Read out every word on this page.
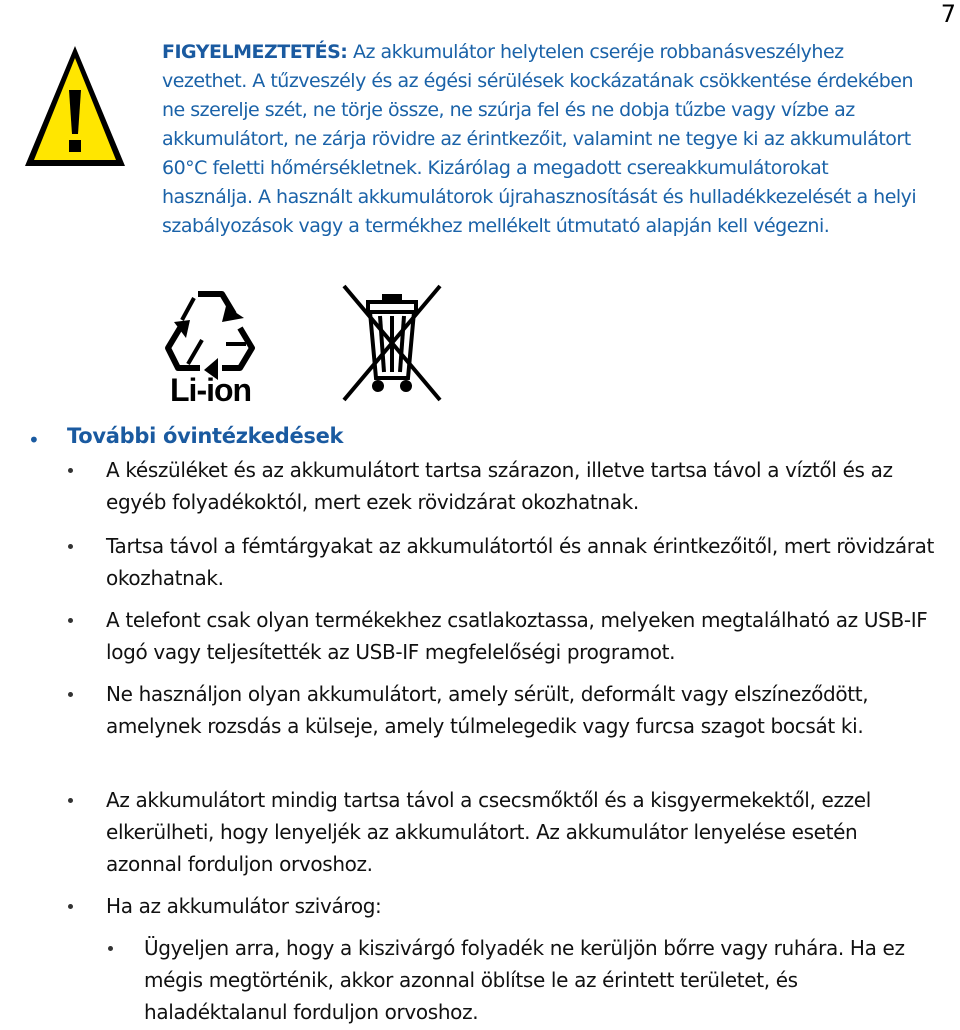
7
FIGYELMEZTETÉS: Az akkumulátor helytelen cseréje robbanásveszélyhez vezethet. A tűzveszély és az égési sérülések kockázatának csökkentése érdekében ne szerelje szét, ne törje össze, ne szúrja fel és ne dobja tűzbe vagy vízbe az akkumulátort, ne zárja rövidre az érintkezőit, valamint ne tegye ki az akkumulátort 60°C feletti hőmérsékletnek. Kizárólag a megadott csereakkumulátorokat használja. A használt akkumulátorok újrahasznosítását és hulladékkezelését a helyi szabályozások vagy a termékhez mellékelt útmutató alapján kell végezni.
Li-ion
• További óvintézkedések
A készüléket és az akkumulátort tartsa szárazon, illetve tartsa távol a víztől és az egyéb folyadékoktól, mert ezek rövidzárat okozhatnak.
Tartsa távol a fémtárgyakat az akkumulátortól és annak érintkezőitől, mert rövidzárat okozhatnak.
A telefont csak olyan termékekhez csatlakoztassa, melyeken megtalálható az USB-IF logó vagy teljesítették az USB-IF megfelelőségi programot.
Ne használjon olyan akkumulátort, amely sérült, deformált vagy elszíneződött, amelynek rozsdás a külseje, amely túlmelegedik vagy furcsa szagot bocsát ki.
Az akkumulátort mindig tartsa távol a csecsmőktől és a kisgyermekektől, ezzel elkerülheti, hogy lenyeljék az akkumulátort. Az akkumulátor lenyelése esetén azonnal forduljon orvoshoz.
Ha az akkumulátor szivárog:
Ügyeljen arra, hogy a kiszivárgó folyadék ne kerüljön bőrre vagy ruhára. Ha ez mégis megtörténik, akkor azonnal öblítse le az érintett területet, és haladéktalanul forduljon orvoshoz.
